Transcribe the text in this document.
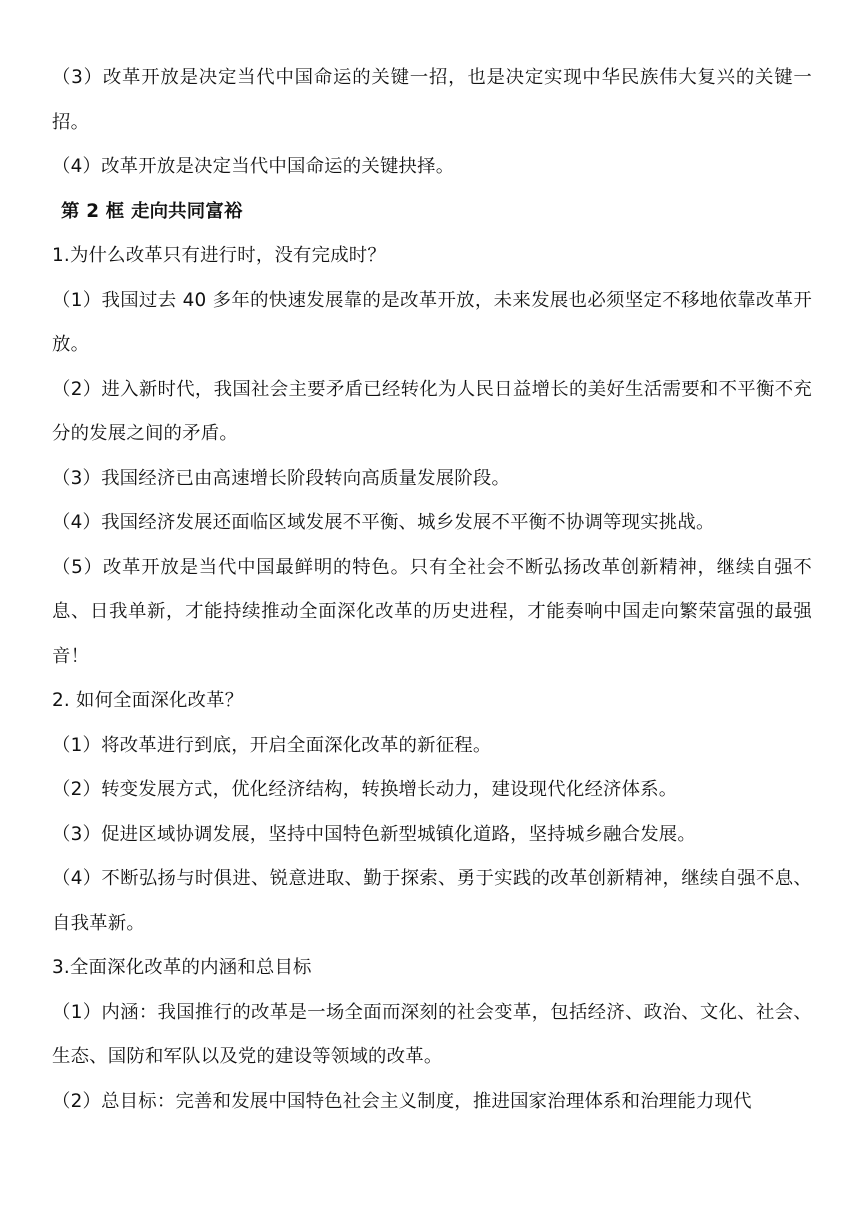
（3）改革开放是决定当代中国命运的关键一招，也是决定实现中华民族伟大复兴的关键一招。

（4）改革开放是决定当代中国命运的关键抉择。

第 2 框 走向共同富裕

1.为什么改革只有进行时，没有完成时？

（1）我国过去 40 多年的快速发展靠的是改革开放，未来发展也必须坚定不移地依靠改革开放。

（2）进入新时代，我国社会主要矛盾已经转化为人民日益增长的美好生活需要和不平衡不充分的发展之间的矛盾。

（3）我国经济已由高速增长阶段转向高质量发展阶段。

（4）我国经济发展还面临区域发展不平衡、城乡发展不平衡不协调等现实挑战。

（5）改革开放是当代中国最鲜明的特色。只有全社会不断弘扬改革创新精神，继续自强不息、日我单新，才能持续推动全面深化改革的历史进程，才能奏响中国走向繁荣富强的最强音！

2. 如何全面深化改革？

（1）将改革进行到底，开启全面深化改革的新征程。

（2）转变发展方式，优化经济结构，转换增长动力，建设现代化经济体系。

（3）促进区域协调发展，坚持中国特色新型城镇化道路，坚持城乡融合发展。

（4）不断弘扬与时俱进、锐意进取、勤于探索、勇于实践的改革创新精神，继续自强不息、自我革新。

3.全面深化改革的内涵和总目标

（1）内涵：我国推行的改革是一场全面而深刻的社会变革，包括经济、政治、文化、社会、生态、国防和军队以及党的建设等领域的改革。

（2）总目标：完善和发展中国特色社会主义制度，推进国家治理体系和治理能力现代
